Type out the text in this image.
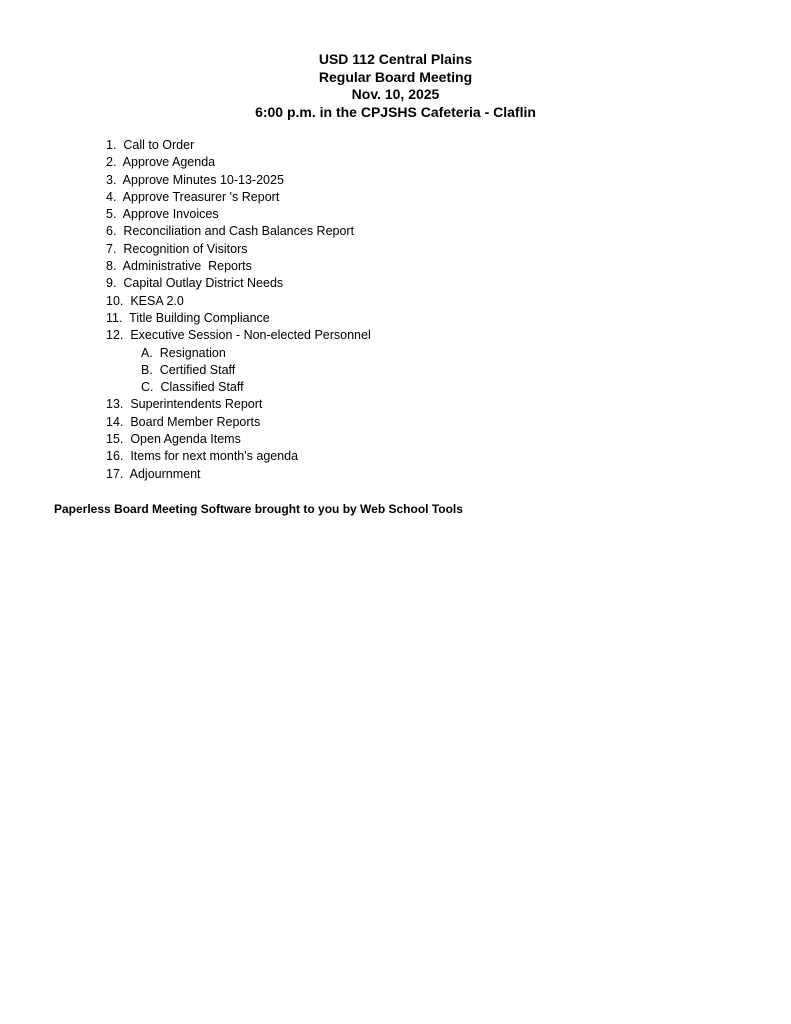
USD 112 Central Plains

Regular Board Meeting

Nov. 10, 2025

6:00 p.m. in the CPJSHS Cafeteria - Claflin

1.  Call to Order
2.  Approve Agenda
3.  Approve Minutes 10-13-2025
4.  Approve Treasurer 's Report
5.  Approve Invoices
6.  Reconciliation and Cash Balances Report
7.  Recognition of Visitors
8.  Administrative  Reports
9.  Capital Outlay District Needs
10.  KESA 2.0
11.  Title Building Compliance
12.  Executive Session - Non-elected Personnel
A.  Resignation
B.  Certified Staff
C.  Classified Staff
13.  Superintendents Report
14.  Board Member Reports
15.  Open Agenda Items
16.  Items for next month's agenda
17.  Adjournment
Paperless Board Meeting Software brought to you by Web School Tools
